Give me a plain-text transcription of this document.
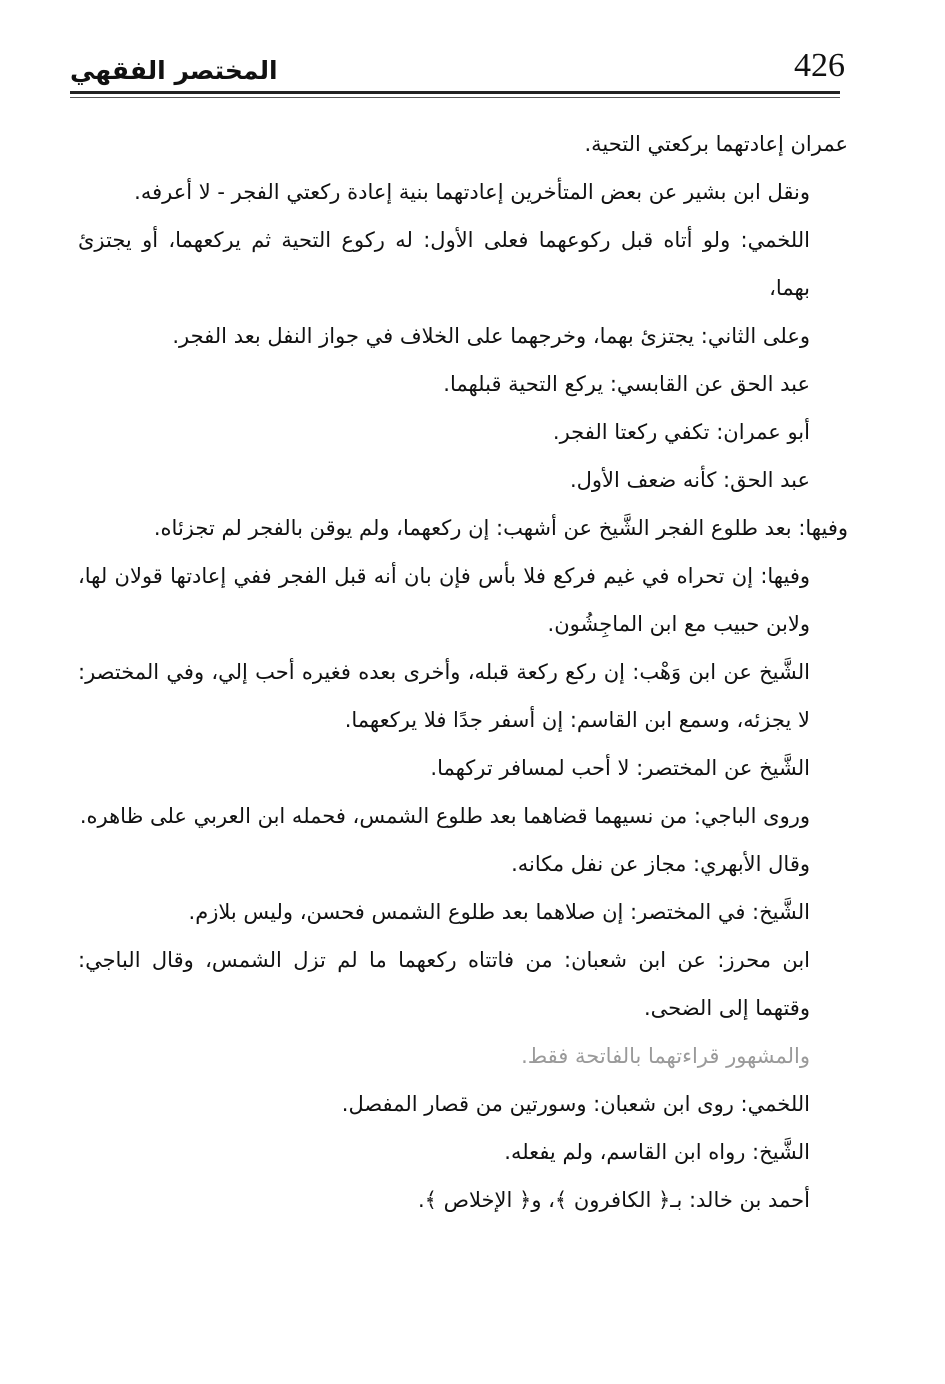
426
المختصر الفقهي

عمران إعادتهما بركعتي التحية.

ونقل ابن بشير عن بعض المتأخرين إعادتهما بنية إعادة ركعتي الفجر - لا أعرفه.

اللخمي: ولو أتاه قبل ركوعهما فعلى الأول: له ركوع التحية ثم يركعهما، أو يجتزئ بهما،

وعلى الثاني: يجتزئ بهما، وخرجهما على الخلاف في جواز النفل بعد الفجر.

عبد الحق عن القابسي: يركع التحية قبلهما.

أبو عمران: تكفي ركعتا الفجر.

عبد الحق: كأنه ضعف الأول.

وفيها: بعد طلوع الفجر الشَّيخ عن أشهب: إن ركعهما، ولم يوقن بالفجر لم تجزئاه.

وفيها: إن تحراه في غيم فركع فلا بأس فإن بان أنه قبل الفجر ففي إعادتها قولان لها، ولابن حبيب مع ابن الماجِشُون.

الشَّيخ عن ابن وَهْب: إن ركع ركعة قبله، وأخرى بعده فغيره أحب إلي، وفي المختصر: لا يجزئه، وسمع ابن القاسم: إن أسفر جدًا فلا يركعهما.

الشَّيخ عن المختصر: لا أحب لمسافر تركهما.

وروى الباجي: من نسيهما قضاهما بعد طلوع الشمس، فحمله ابن العربي على ظاهره.

وقال الأبهري: مجاز عن نفل مكانه.

الشَّيخ: في المختصر: إن صلاهما بعد طلوع الشمس فحسن، وليس بلازم.

ابن محرز: عن ابن شعبان: من فاتتاه ركعهما ما لم تزل الشمس، وقال الباجي: وقتهما إلى الضحى.

والمشهور قراءتهما بالفاتحة فقط.

اللخمي: روى ابن شعبان: وسورتين من قصار المفصل.

الشَّيخ: رواه ابن القاسم، ولم يفعله.

أحمد بن خالد: بـ﴿ الكافرون ﴾، و﴿ الإخلاص ﴾.
